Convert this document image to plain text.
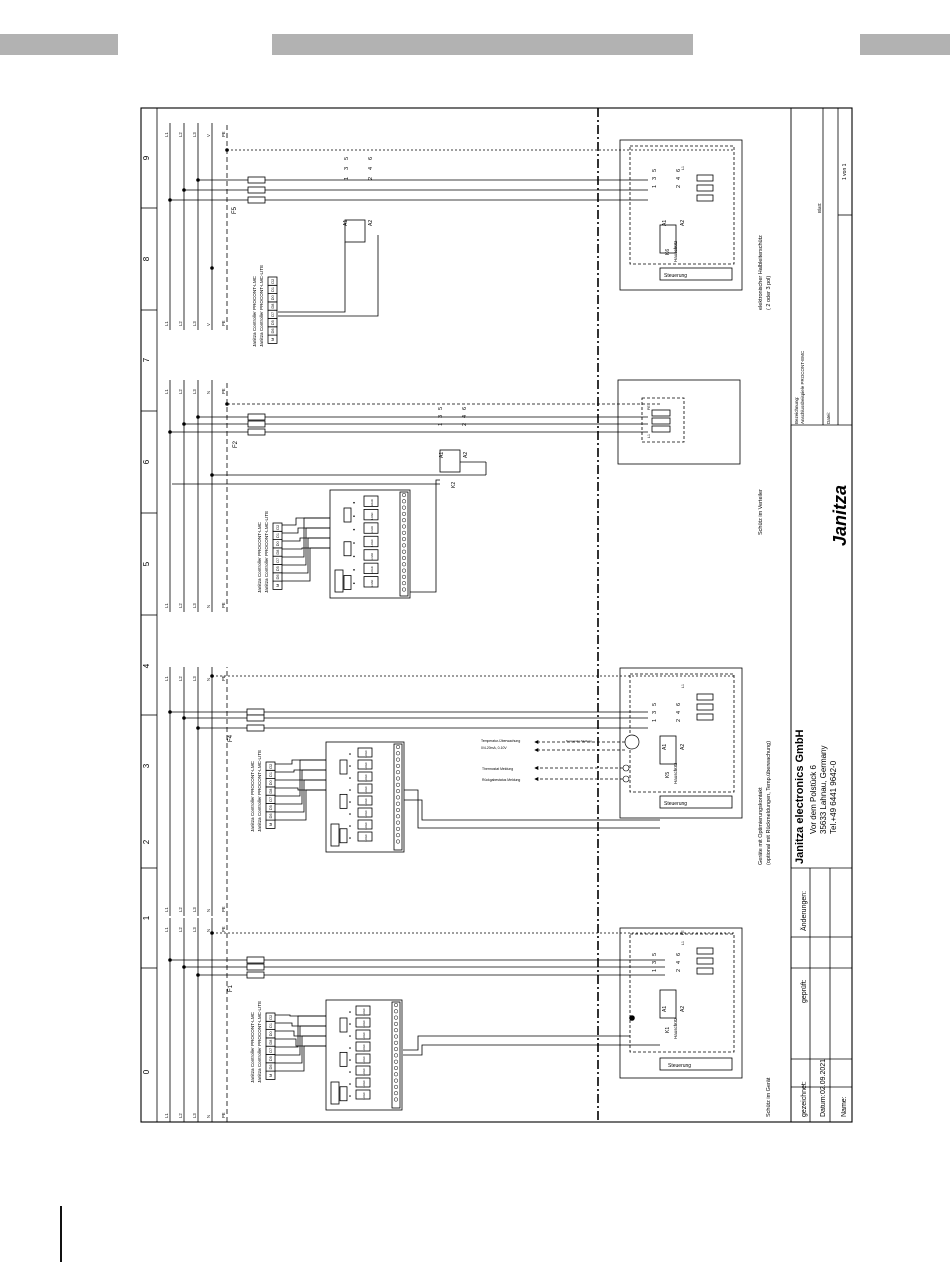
0
1
2
3
4
5
6
7
8
9
L1
L1
L2
L2
L3
L3
N
N
PE
PE
L1
L1
L2
L2
L3
L3
N
N
PE
PE
L1
L1
L2
L2
L3
L3
N
N
PE
PE
L1
L1
L2
L2
L3
L3
V
V
PE
PE
F1
M
D6
D5
D7
D8
D0
D1
D2
Janitza Controller PROCONT-LMC Janitza Controller PROCONT-LMC-LITE	LOAD
LOAD
LOAD
LOAD
LOAD
LOAD
LOAD
LOAD
A1 A2
K1 Hauschütz
1	2
3	4
5	6
Steuerung
L1
PE
Schütz im Gerät
F4
M
D6
D5
D7
D8
D0
D1
D2
Janitza Controller PROCONT-LMC Janitza Controller PROCONT-LMC-LITE	LOAD
LOAD
LOAD
LOAD
LOAD
LOAD
LOAD
LOAD
A1 A2
K5 Hauschütz
1	2
3	4
5	6
Steuerung
L1
Temperatur-Überwachung
0/4-20mA, 0-10V
Temperatur-Meldung
Thermostat Meldung
Rückgabestatus Meldung
Geräte mit Optimierungskontakt (optional mit Rückmeldungen, Temp.überwachung)
F2
M
D6
D5
D7
D8
D0
D1
D2
Janitza Controller PROCONT-LMC Janitza Controller PROCONT-LMC-LITE
LOAD
LOAD
LOAD
LOAD
LOAD
LOAD
LOAD
A1	A2
K2
1	2
3	4
5	6
L1
PE
Schütz im Verteiler
F5
M
D6
D5
D7
D8
D0
D1
D2
Janitza Controller PROCONT-LMC Janitza Controller PROCONT-LMC-LITE
A1	A2
1	2
3	4
5	6
A1 A2
K6 Hauschütz
1	2
3	4
5	6
Steuerung
L1
elektronischer Halbleiterschütz ( 2 oder 3 pol)
gezeichnet:
geprüft:
Änderungen:
Datum:
02.09.2021
Name:
Janitza electronics GmbH Vor dem Polstück 6 35633 Lahnau, Germany Tel.+49 6441 9642-0
Janitza
Bezeichnung: Anschlussbeispiele PROCONT-EMC	Datei:
Blatt:
1 von 1
